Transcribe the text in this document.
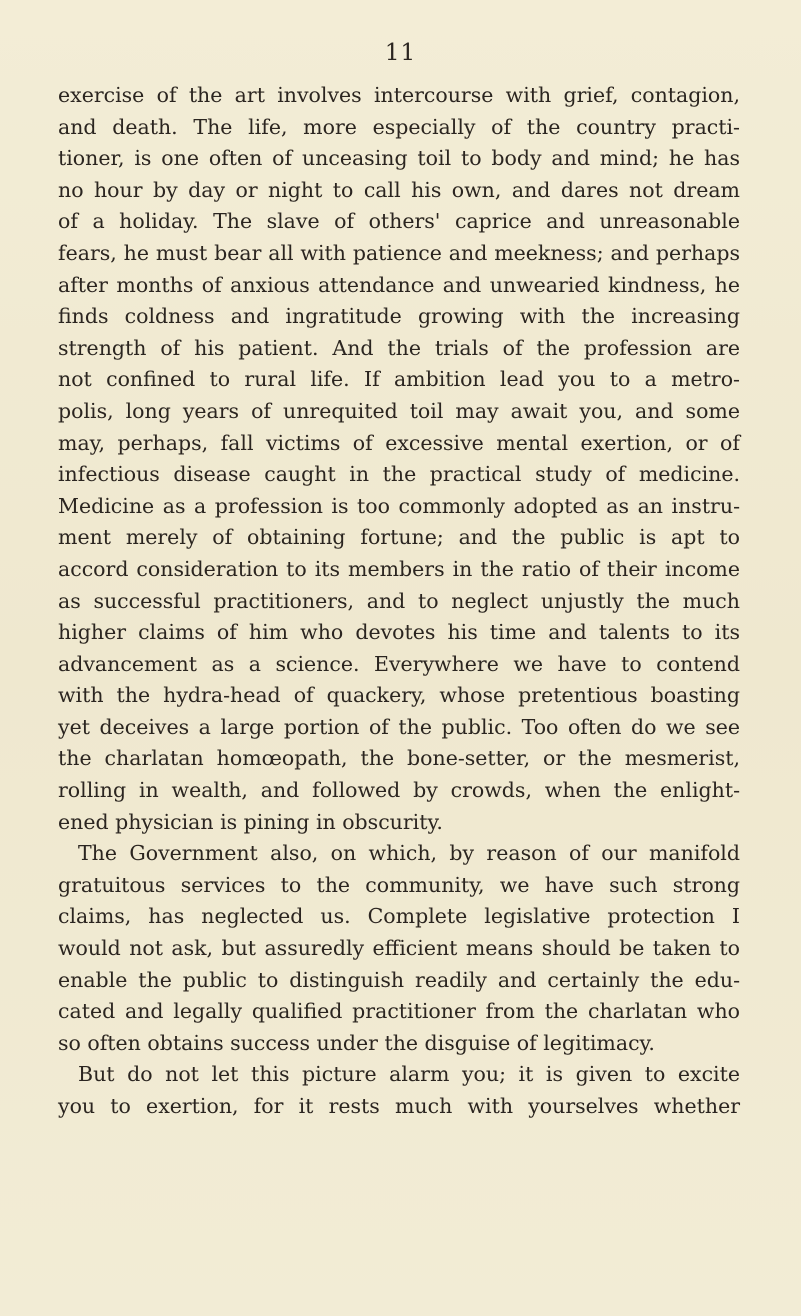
11
exercise of the art involves intercourse with grief, contagion,
and death. The life, more especially of the country practi-
tioner, is one often of unceasing toil to body and mind; he has
no hour by day or night to call his own, and dares not dream
of a holiday. The slave of others' caprice and unreasonable
fears, he must bear all with patience and meekness; and perhaps
after months of anxious attendance and unwearied kindness, he
finds coldness and ingratitude growing with the increasing
strength of his patient. And the trials of the profession are
not confined to rural life. If ambition lead you to a metro-
polis, long years of unrequited toil may await you, and some
may, perhaps, fall victims of excessive mental exertion, or of
infectious disease caught in the practical study of medicine.
Medicine as a profession is too commonly adopted as an instru-
ment merely of obtaining fortune; and the public is apt to
accord consideration to its members in the ratio of their income
as successful practitioners, and to neglect unjustly the much
higher claims of him who devotes his time and talents to its
advancement as a science. Everywhere we have to contend
with the hydra-head of quackery, whose pretentious boasting
yet deceives a large portion of the public. Too often do we see
the charlatan homœopath, the bone-setter, or the mesmerist,
rolling in wealth, and followed by crowds, when the enlight-
ened physician is pining in obscurity.
The Government also, on which, by reason of our manifold
gratuitous services to the community, we have such strong
claims, has neglected us. Complete legislative protection I
would not ask, but assuredly efficient means should be taken to
enable the public to distinguish readily and certainly the edu-
cated and legally qualified practitioner from the charlatan who
so often obtains success under the disguise of legitimacy.
But do not let this picture alarm you; it is given to excite
you to exertion, for it rests much with yourselves whether
